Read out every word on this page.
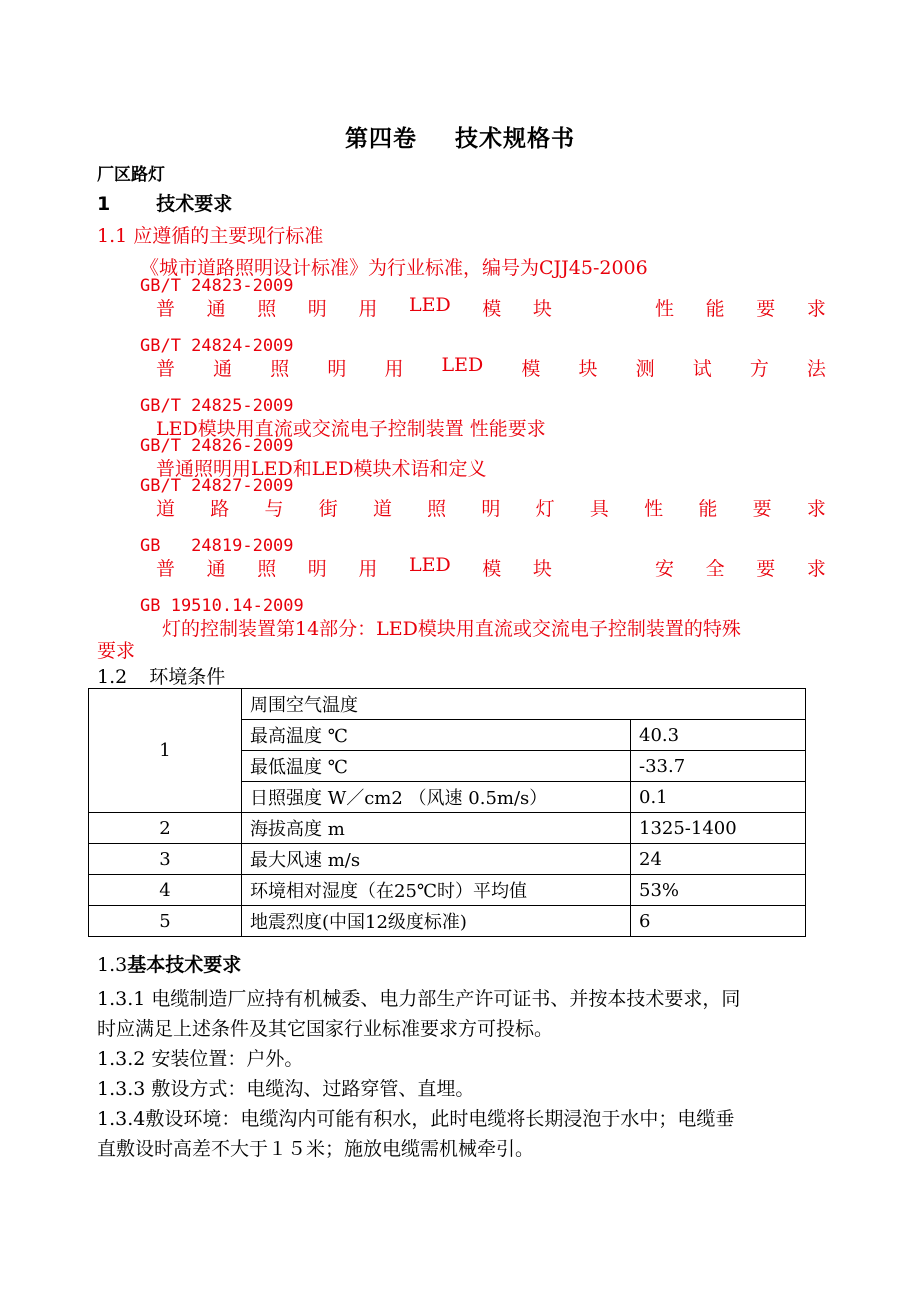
第四卷 技术规格书
厂区路灯
1 技术要求
1.1 应遵循的主要现行标准
《城市道路照明设计标准》为行业标准，编号为CJJ45-2006
GB/T 24823-2009
普 通 照 明 用 LED 模 块	性 能 要 求
GB/T 24824-2009
普 通 照 明 用 LED 模 块 测 试 方 法
GB/T 24825-2009
LED模块用直流或交流电子控制装置 性能要求
GB/T 24826-2009
普通照明用LED和LED模块术语和定义
GB/T 24827-2009
道 路 与 街 道 照 明 灯 具 性 能 要 求
GB   24819-2009
普 通 照 明 用 LED 模 块	安 全 要 求
GB 19510.14-2009
灯的控制装置第14部分：LED模块用直流或交流电子控制装置的特殊
要求
1.2 环境条件
1	周围空气温度	
	最高温度 ℃	40.3
	最低温度 ℃	-33.7
	日照强度 W／cm2 （风速 0.5m/s）	0.1
2	海拔高度 m	1325-1400
3	最大风速 m/s	24
4	环境相对湿度（在25℃时）平均值	53%
5	地震烈度(中国12级度标准)	6
1.3基本技术要求
1.3.1 电缆制造厂应持有机械委、电力部生产许可证书、并按本技术要求，同
时应满足上述条件及其它国家行业标准要求方可投标。
1.3.2 安装位置：户外。
1.3.3 敷设方式：电缆沟、过路穿管、直埋。
1.3.4敷设环境：电缆沟内可能有积水，此时电缆将长期浸泡于水中；电缆垂
直敷设时高差不大于１５米；施放电缆需机械牵引。
